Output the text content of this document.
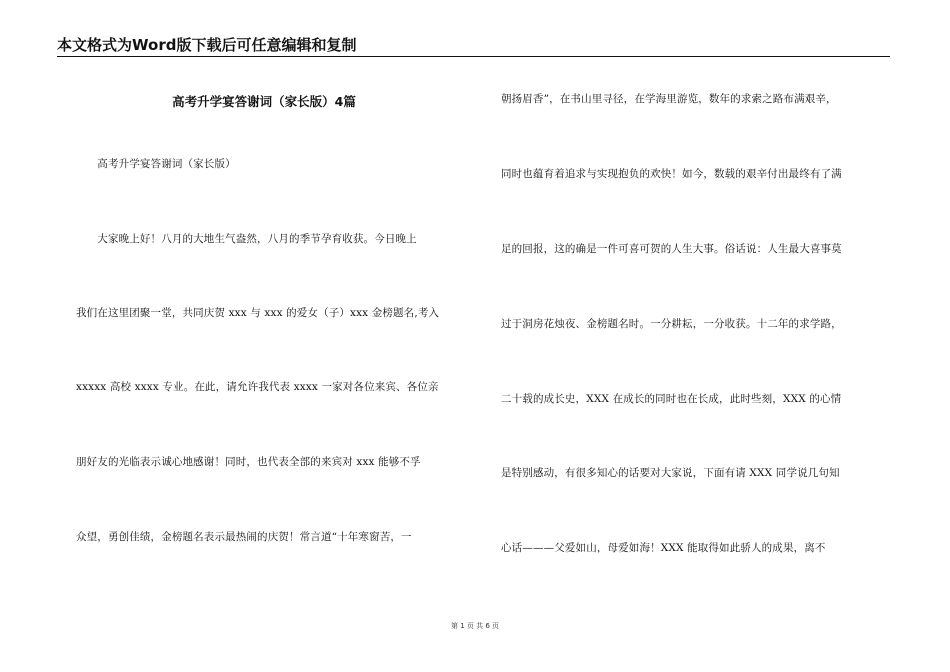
本文格式为Word版下载后可任意编辑和复制
高考升学宴答谢词（家长版）4篇
　　高考升学宴答谢词（家长版）
　　大家晚上好！八月的大地生气盎然，八月的季节孕育收获。今日晚上
我们在这里团聚一堂，共同庆贺 xxx 与 xxx 的爱女（子）xxx 金榜题名,考入
xxxxx 高校 xxxx 专业。在此，请允许我代表 xxxx 一家对各位来宾、各位亲
朋好友的光临表示诚心地感谢！同时，也代表全部的来宾对 xxx 能够不孚
众望，勇创佳绩，金榜题名表示最热闹的庆贺！常言道“十年寒窗苦，一
朝扬眉香”，在书山里寻径，在学海里游览，数年的求索之路布满艰辛，
同时也蕴育着追求与实现抱负的欢快！如今，数载的艰辛付出最终有了满
足的回报，这的确是一件可喜可贺的人生大事。俗话说：人生最大喜事莫
过于洞房花烛夜、金榜题名时。一分耕耘，一分收获。十二年的求学路，
二十载的成长史，XXX 在成长的同时也在长成，此时些刻，XXX 的心情
是特别感动，有很多知心的话要对大家说，下面有请 XXX 同学说几句知
心话———父爱如山，母爱如海！XXX 能取得如此骄人的成果，离不
第 1 页 共 6 页
